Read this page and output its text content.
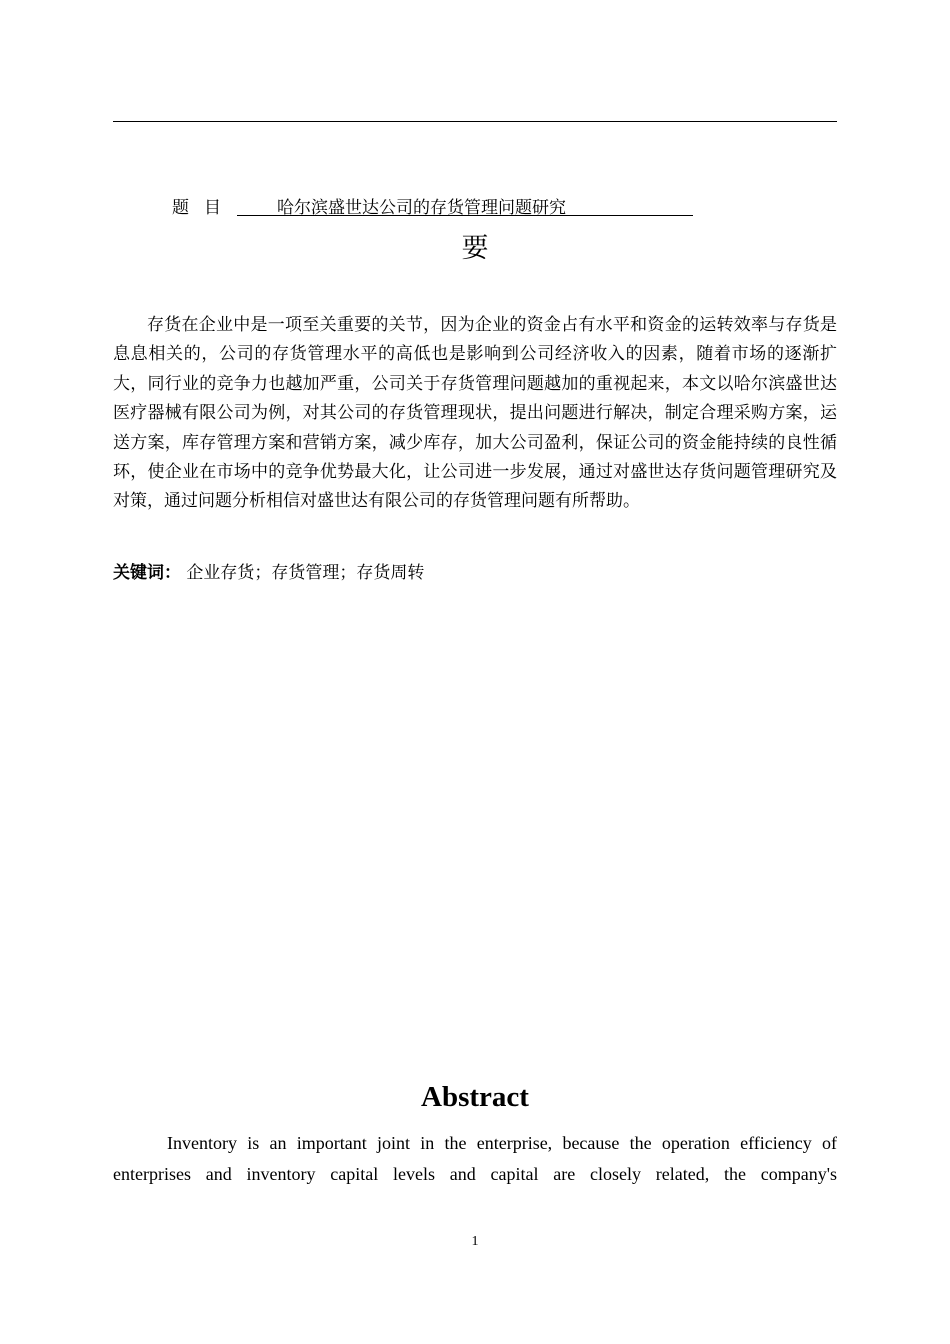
题目 哈尔滨盛世达公司的存货管理问题研究
要

存货在企业中是一项至关重要的关节，因为企业的资金占有水平和资金的运转效率与存货是息息相关的，公司的存货管理水平的高低也是影响到公司经济收入的因素，随着市场的逐渐扩大，同行业的竞争力也越加严重，公司关于存货管理问题越加的重视起来，本文以哈尔滨盛世达医疗器械有限公司为例，对其公司的存货管理现状，提出问题进行解决，制定合理采购方案，运送方案，库存管理方案和营销方案，减少库存，加大公司盈利，保证公司的资金能持续的良性循环，使企业在市场中的竞争优势最大化，让公司进一步发展，通过对盛世达存货问题管理研究及对策，通过问题分析相信对盛世达有限公司的存货管理问题有所帮助。

关键词： 企业存货；存货管理；存货周转
Abstract
Inventory is an important joint in the enterprise, because the operation efficiency of
enterprises and inventory capital levels and capital are closely related, the company's
1
